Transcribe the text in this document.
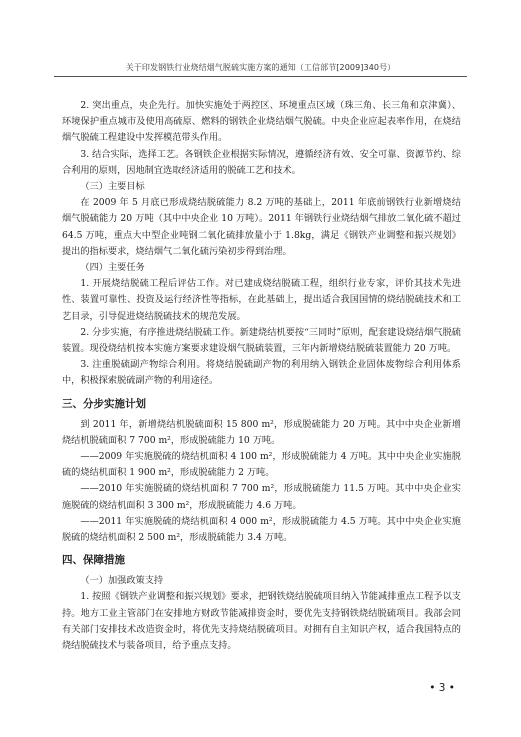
关于印发钢铁行业烧结烟气脱硫实施方案的通知（工信部节[2009]340号）

2. 突出重点，央企先行。加快实施处于两控区、环境重点区域（珠三角、长三角和京津冀）、环境保护重点城市及使用高硫原、燃料的钢铁企业烧结烟气脱硫。中央企业应起表率作用，在烧结烟气脱硫工程建设中发挥模范带头作用。

3. 结合实际，选择工艺。各钢铁企业根据实际情况，遵循经济有效、安全可靠、资源节约、综合利用的原则，因地制宜选取经济适用的脱硫工艺和技术。

（三）主要目标

在 2009 年 5 月底已形成烧结脱硫能力 8.2 万吨的基础上，2011 年底前钢铁行业新增烧结烟气脱硫能力 20 万吨（其中中央企业 10 万吨）。2011 年钢铁行业烧结烟气排放二氧化硫不超过 64.5 万吨，重点大中型企业吨钢二氧化硫排放量小于 1.8kg，满足《钢铁产业调整和振兴规划》提出的指标要求，烧结烟气二氧化硫污染初步得到治理。

（四）主要任务

1. 开展烧结脱硫工程后评估工作。对已建成烧结脱硫工程，组织行业专家，评价其技术先进性、装置可靠性、投资及运行经济性等指标，在此基础上，提出适合我国国情的烧结脱硫技术和工艺目录，引导促进烧结脱硫技术的规范发展。

2. 分步实施，有序推进烧结脱硫工作。新建烧结机要按“三同时”原则，配套建设烧结烟气脱硫装置。现役烧结机按本实施方案要求建设烟气脱硫装置，三年内新增烧结脱硫装置能力 20 万吨。

3. 注重脱硫副产物综合利用。将烧结脱硫副产物的利用纳入钢铁企业固体废物综合利用体系中，积极探索脱硫副产物的利用途径。

三、分步实施计划

到 2011 年，新增烧结机脱硫面积 15 800 m²，形成脱硫能力 20 万吨。其中中央企业新增烧结机脱硫面积 7 700 m²，形成脱硫能力 10 万吨。

——2009 年实施脱硫的烧结机面积 4 100 m²，形成脱硫能力 4 万吨。其中中央企业实施脱硫的烧结机面积 1 900 m²，形成脱硫能力 2 万吨。

——2010 年实施脱硫的烧结机面积 7 700 m²，形成脱硫能力 11.5 万吨。其中中央企业实施脱硫的烧结机面积 3 300 m²，形成脱硫能力 4.6 万吨。

——2011 年实施脱硫的烧结机面积 4 000 m²，形成脱硫能力 4.5 万吨。其中中央企业实施脱硫的烧结机面积 2 500 m²，形成脱硫能力 3.4 万吨。

四、保障措施

（一）加强政策支持

1. 按照《钢铁产业调整和振兴规划》要求，把钢铁烧结脱硫项目纳入节能减排重点工程予以支持。地方工业主管部门在安排地方财政节能减排资金时，要优先支持钢铁烧结脱硫项目。我部会同有关部门安排技术改造资金时，将优先支持烧结脱硫项目。对拥有自主知识产权，适合我国特点的烧结脱硫技术与装备项目，给予重点支持。

• 3 •
